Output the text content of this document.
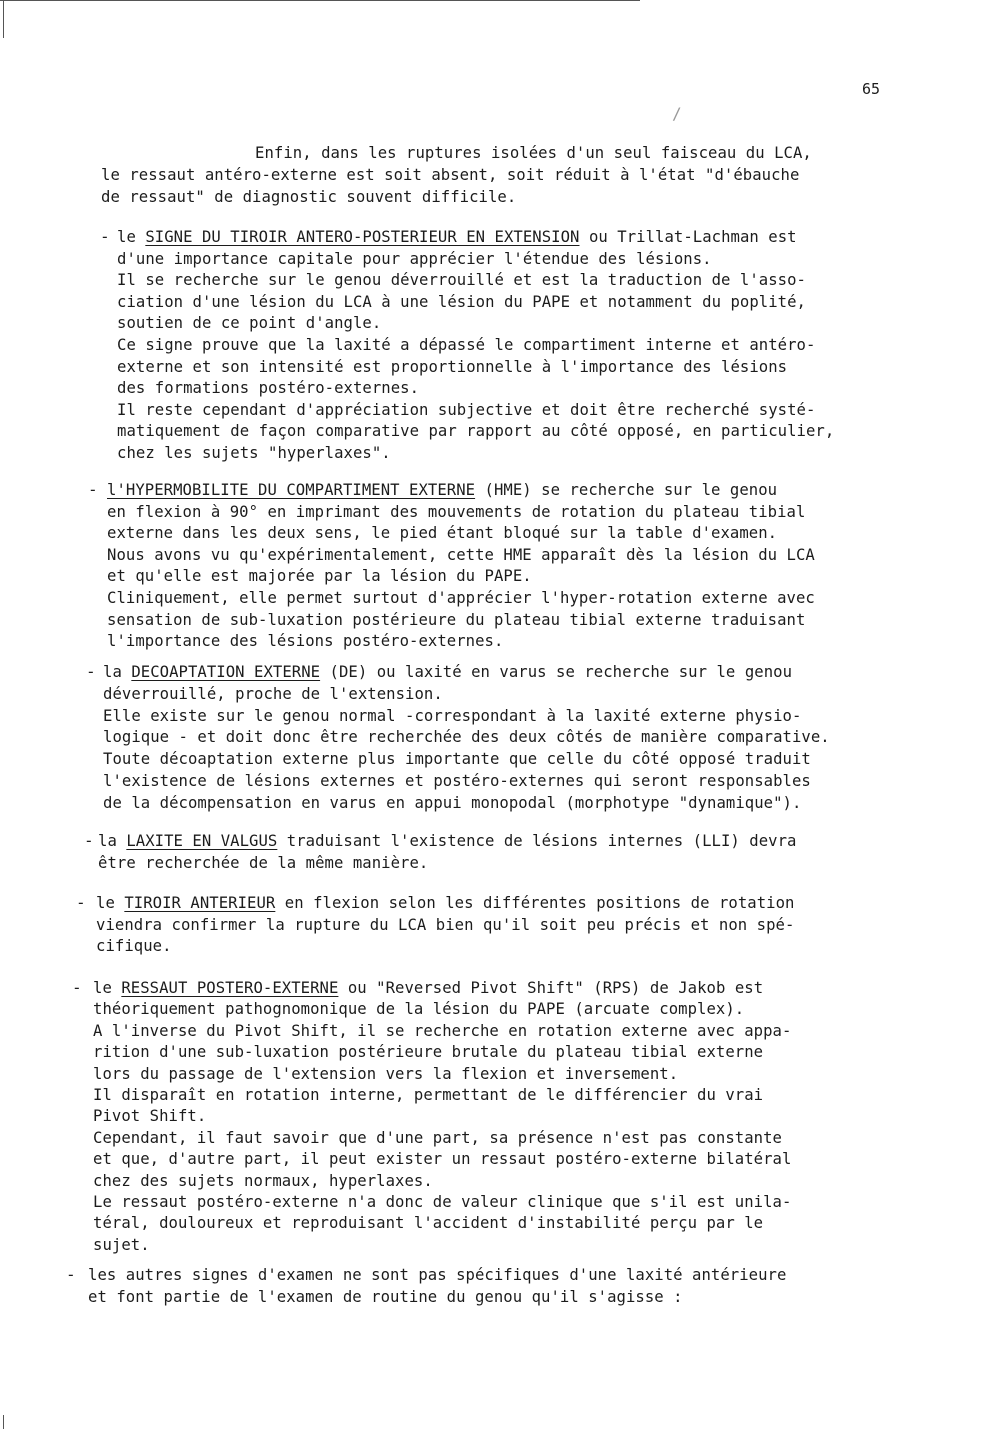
65
/
Enfin, dans les ruptures isolées d'un seul faisceau du LCA,
le ressaut antéro-externe est soit absent, soit réduit à l'état "d'ébauche
de ressaut" de diagnostic souvent difficile.
- le SIGNE DU TIROIR ANTERO-POSTERIEUR EN EXTENSION ou Trillat-Lachman est
d'une importance capitale pour apprécier l'étendue des lésions.
Il se recherche sur le genou déverrouillé et est la traduction de l'asso-
ciation d'une lésion du LCA à une lésion du PAPE et notamment du poplité,
soutien de ce point d'angle.
Ce signe prouve que la laxité a dépassé le compartiment interne et antéro-
externe et son intensité est proportionnelle à l'importance des lésions
des formations postéro-externes.
Il reste cependant d'appréciation subjective et doit être recherché systé-
matiquement de façon comparative par rapport au côté opposé, en particulier,
chez les sujets "hyperlaxes".
- l'HYPERMOBILITE DU COMPARTIMENT EXTERNE (HME) se recherche sur le genou
en flexion à 90° en imprimant des mouvements de rotation du plateau tibial
externe dans les deux sens, le pied étant bloqué sur la table d'examen.
Nous avons vu qu'expérimentalement, cette HME apparaît dès la lésion du LCA
et qu'elle est majorée par la lésion du PAPE.
Cliniquement, elle permet surtout d'apprécier l'hyper-rotation externe avec
sensation de sub-luxation postérieure du plateau tibial externe traduisant
l'importance des lésions postéro-externes.
- la DECOAPTATION EXTERNE (DE) ou laxité en varus se recherche sur le genou
déverrouillé, proche de l'extension.
Elle existe sur le genou normal -correspondant à la laxité externe physio-
logique - et doit donc être recherchée des deux côtés de manière comparative.
Toute décoaptation externe plus importante que celle du côté opposé traduit
l'existence de lésions externes et postéro-externes qui seront responsables
de la décompensation en varus en appui monopodal (morphotype "dynamique").
- la LAXITE EN VALGUS traduisant l'existence de lésions internes (LLI) devra
être recherchée de la même manière.
- le TIROIR ANTERIEUR en flexion selon les différentes positions de rotation
viendra confirmer la rupture du LCA bien qu'il soit peu précis et non spé-
cifique.
- le RESSAUT POSTERO-EXTERNE ou "Reversed Pivot Shift" (RPS) de Jakob est
théoriquement pathognomonique de la lésion du PAPE (arcuate complex).
A l'inverse du Pivot Shift, il se recherche en rotation externe avec appa-
rition d'une sub-luxation postérieure brutale du plateau tibial externe
lors du passage de l'extension vers la flexion et inversement.
Il disparaît en rotation interne, permettant de le différencier du vrai
Pivot Shift.
Cependant, il faut savoir que d'une part, sa présence n'est pas constante
et que, d'autre part, il peut exister un ressaut postéro-externe bilatéral
chez des sujets normaux, hyperlaxes.
Le ressaut postéro-externe n'a donc de valeur clinique que s'il est unila-
téral, douloureux et reproduisant l'accident d'instabilité perçu par le
sujet.
- les autres signes d'examen ne sont pas spécifiques d'une laxité antérieure
et font partie de l'examen de routine du genou qu'il s'agisse :
